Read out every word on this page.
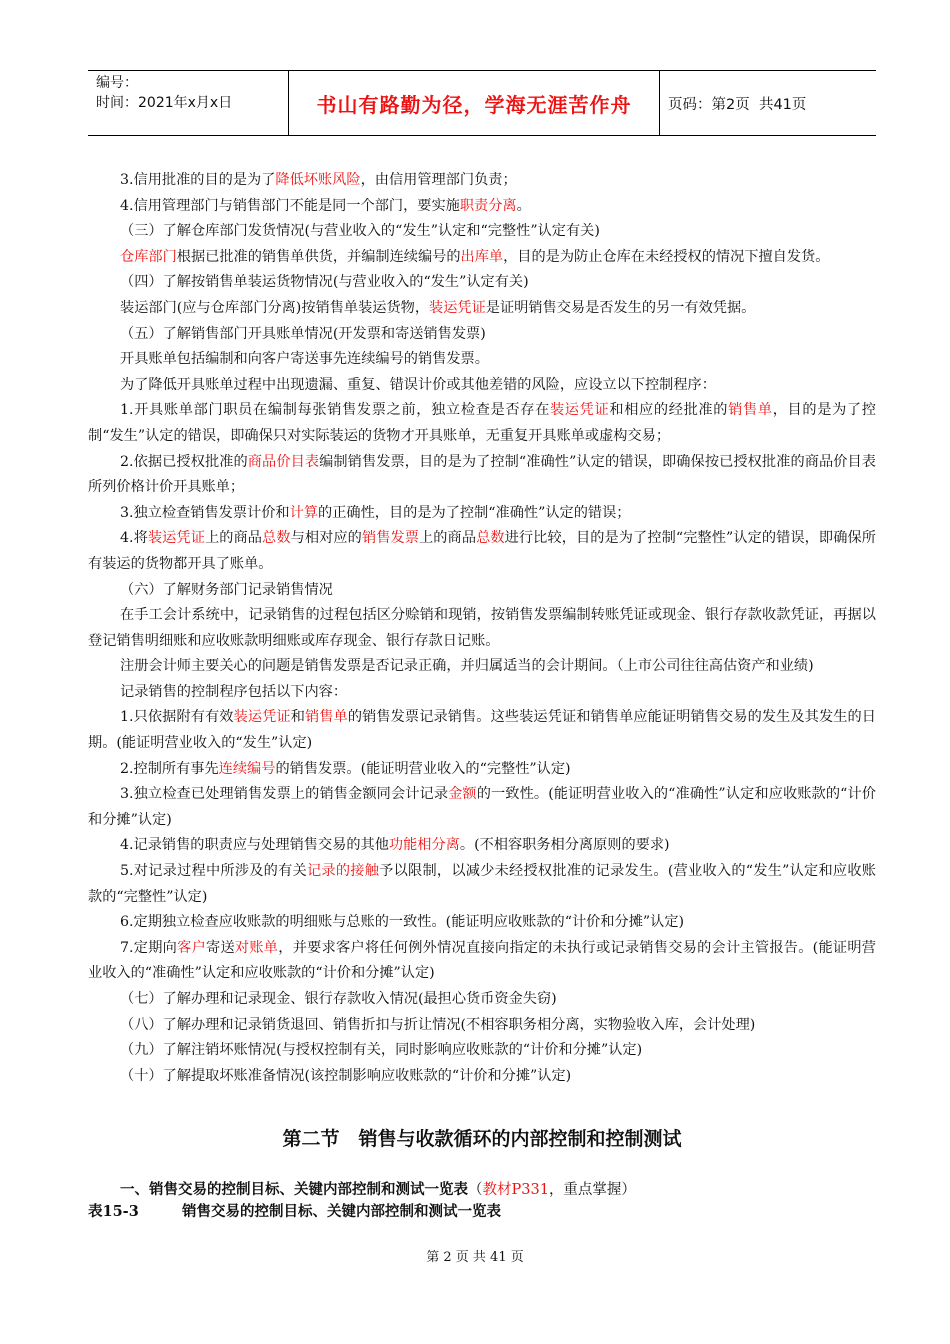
编号：
时间：2021年x月x日	书山有路勤为径，学海无涯苦作舟	页码：第2页  共41页

3.信用批准的目的是为了降低坏账风险，由信用管理部门负责；

4.信用管理部门与销售部门不能是同一个部门，要实施职责分离。

（三）了解仓库部门发货情况(与营业收入的“发生”认定和“完整性”认定有关)

仓库部门根据已批准的销售单供货，并编制连续编号的出库单，目的是为防止仓库在未经授权的情况下擅自发货。

（四）了解按销售单装运货物情况(与营业收入的“发生”认定有关)

装运部门(应与仓库部门分离)按销售单装运货物，装运凭证是证明销售交易是否发生的另一有效凭据。

（五）了解销售部门开具账单情况(开发票和寄送销售发票)

开具账单包括编制和向客户寄送事先连续编号的销售发票。

为了降低开具账单过程中出现遗漏、重复、错误计价或其他差错的风险，应设立以下控制程序：

1.开具账单部门职员在编制每张销售发票之前，独立检查是否存在装运凭证和相应的经批准的销售单，目的是为了控制“发生”认定的错误，即确保只对实际装运的货物才开具账单，无重复开具账单或虚构交易；

2.依据已授权批准的商品价目表编制销售发票，目的是为了控制“准确性”认定的错误，即确保按已授权批准的商品价目表所列价格计价开具账单；

3.独立检查销售发票计价和计算的正确性，目的是为了控制“准确性”认定的错误；

4.将装运凭证上的商品总数与相对应的销售发票上的商品总数进行比较，目的是为了控制“完整性”认定的错误，即确保所有装运的货物都开具了账单。

（六）了解财务部门记录销售情况

在手工会计系统中，记录销售的过程包括区分赊销和现销，按销售发票编制转账凭证或现金、银行存款收款凭证，再据以登记销售明细账和应收账款明细账或库存现金、银行存款日记账。

注册会计师主要关心的问题是销售发票是否记录正确，并归属适当的会计期间。（上市公司往往高估资产和业绩)

记录销售的控制程序包括以下内容：

1.只依据附有有效装运凭证和销售单的销售发票记录销售。这些装运凭证和销售单应能证明销售交易的发生及其发生的日期。(能证明营业收入的“发生”认定)

2.控制所有事先连续编号的销售发票。(能证明营业收入的“完整性”认定)

3.独立检查已处理销售发票上的销售金额同会计记录金额的一致性。(能证明营业收入的“准确性”认定和应收账款的“计价和分摊”认定)

4.记录销售的职责应与处理销售交易的其他功能相分离。(不相容职务相分离原则的要求)

5.对记录过程中所涉及的有关记录的接触予以限制，以减少未经授权批准的记录发生。(营业收入的“发生”认定和应收账款的“完整性”认定)

6.定期独立检查应收账款的明细账与总账的一致性。(能证明应收账款的“计价和分摊”认定)

7.定期向客户寄送对账单，并要求客户将任何例外情况直接向指定的未执行或记录销售交易的会计主管报告。(能证明营业收入的“准确性”认定和应收账款的“计价和分摊”认定)

（七）了解办理和记录现金、银行存款收入情况(最担心货币资金失窃)

（八）了解办理和记录销货退回、销售折扣与折让情况(不相容职务相分离，实物验收入库，会计处理)

（九）了解注销坏账情况(与授权控制有关，同时影响应收账款的“计价和分摊”认定)

（十）了解提取坏账准备情况(该控制影响应收账款的“计价和分摊”认定)

第二节　销售与收款循环的内部控制和控制测试
一、销售交易的控制目标、关键内部控制和测试一览表（教材P331，重点掌握）
表15-3	销售交易的控制目标、关键内部控制和测试一览表
第 2 页 共 41 页
